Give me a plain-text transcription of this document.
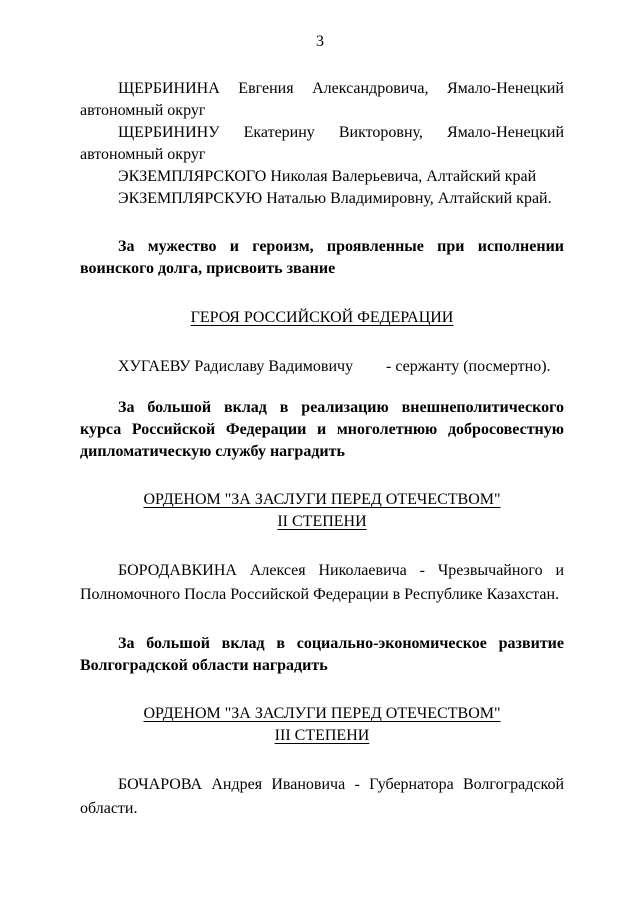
3

ЩЕРБИНИНА Евгения Александровича, Ямало-Ненецкий

автономный округ

ЩЕРБИНИНУ Екатерину Викторовну, Ямало-Ненецкий

автономный округ

ЭКЗЕМПЛЯРСКОГО Николая Валерьевича, Алтайский край

ЭКЗЕМПЛЯРСКУЮ Наталью Владимировну, Алтайский край.

За мужество и героизм, проявленные при исполнении воинского долга, присвоить звание

ГЕРОЯ РОССИЙСКОЙ ФЕДЕРАЦИИ

ХУГАЕВУ Радиславу Вадимовичу	- сержанту (посмертно).

За большой вклад в реализацию внешнеполитического курса Российской Федерации и многолетнюю добросовестную дипломатическую службу наградить

ОРДЕНОМ "ЗА ЗАСЛУГИ ПЕРЕД ОТЕЧЕСТВОМ"
II СТЕПЕНИ

БОРОДАВКИНА Алексея Николаевича - Чрезвычайного и Полномочного Посла Российской Федерации в Республике Казахстан.

За большой вклад в социально-экономическое развитие Волгоградской области наградить

ОРДЕНОМ "ЗА ЗАСЛУГИ ПЕРЕД ОТЕЧЕСТВОМ"
III СТЕПЕНИ

БОЧАРОВА Андрея Ивановича - Губернатора Волгоградской области.
